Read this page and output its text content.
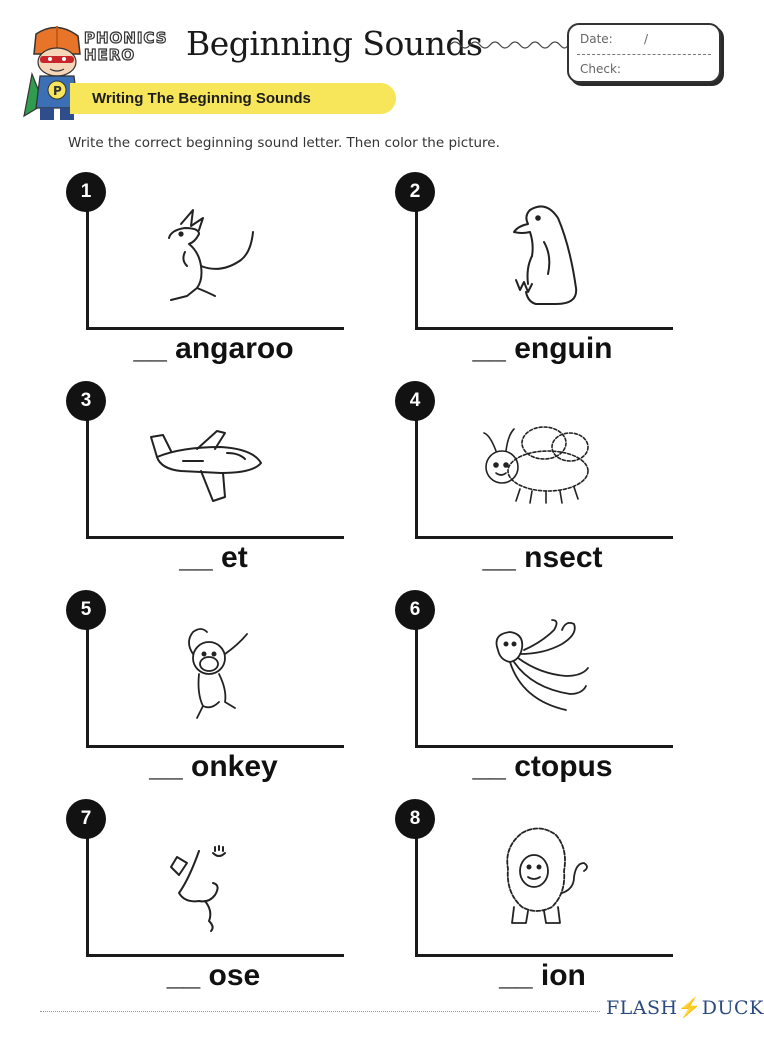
P
PHONICS
HERO	Beginning Sounds	Date:	/
Check:
Writing The Beginning Sounds
Write the correct beginning sound letter. Then color the picture.
1
__ angaroo
2
__ enguin
3
__ et
4
__ nsect
5
__ onkey
6
__ ctopus
7
__ ose
8
__ ion
FLASH⚡DUCK
